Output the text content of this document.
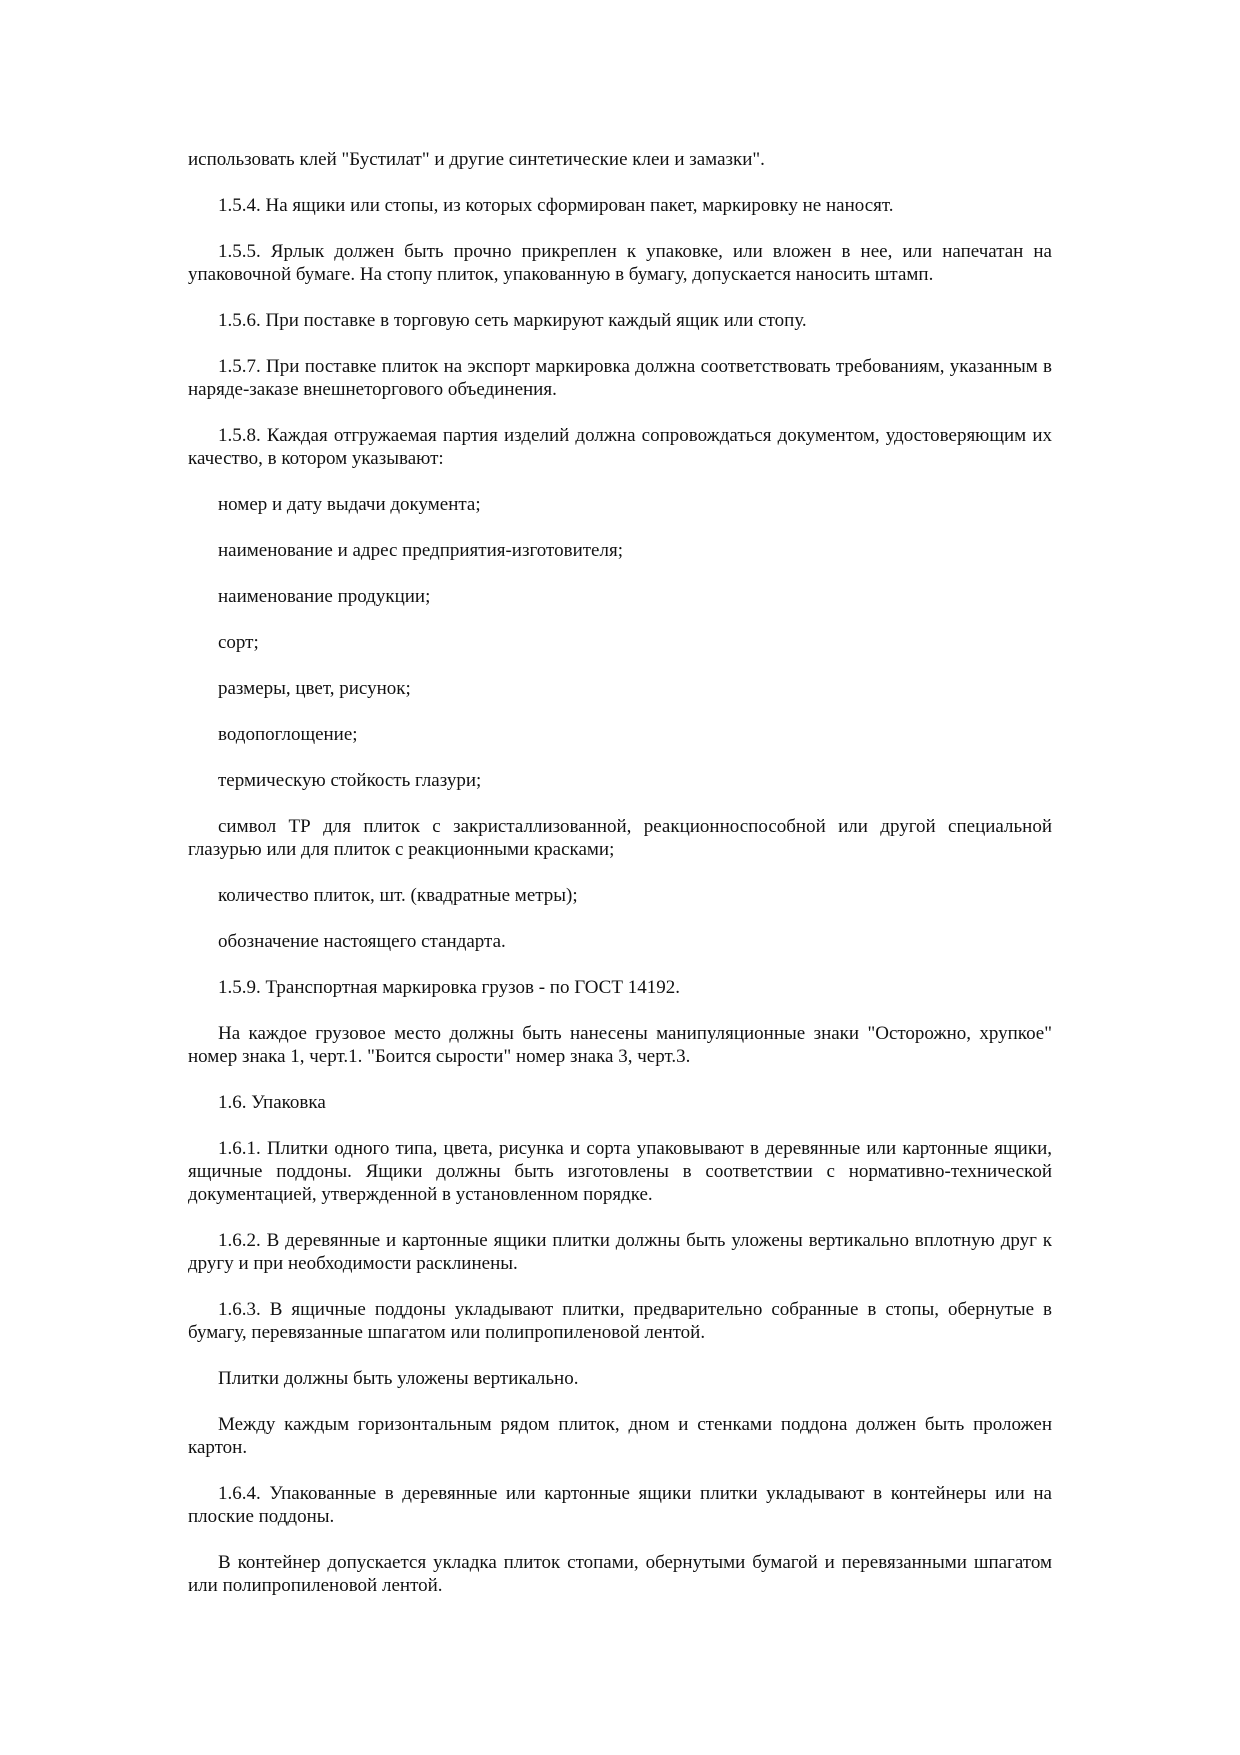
использовать клей "Бустилат" и другие синтетические клеи и замазки".

1.5.4. На ящики или стопы, из которых сформирован пакет, маркировку не наносят.

1.5.5. Ярлык должен быть прочно прикреплен к упаковке, или вложен в нее, или напечатан на упаковочной бумаге. На стопу плиток, упакованную в бумагу, допускается наносить штамп.

1.5.6. При поставке в торговую сеть маркируют каждый ящик или стопу.

1.5.7. При поставке плиток на экспорт маркировка должна соответствовать требованиям, указанным в наряде-заказе внешнеторгового объединения.

1.5.8. Каждая отгружаемая партия изделий должна сопровождаться документом, удостоверяющим их качество, в котором указывают:

номер и дату выдачи документа;

наименование и адрес предприятия-изготовителя;

наименование продукции;

сорт;

размеры, цвет, рисунок;

водопоглощение;

термическую стойкость глазури;

символ ТР для плиток с закристаллизованной, реакционноспособной или другой специальной глазурью или для плиток с реакционными красками;

количество плиток, шт. (квадратные метры);

обозначение настоящего стандарта.

1.5.9. Транспортная маркировка грузов - по ГОСТ 14192.

На каждое грузовое место должны быть нанесены манипуляционные знаки "Осторожно, хрупкое" номер знака 1, черт.1. "Боится сырости" номер знака 3, черт.3.

1.6. Упаковка

1.6.1. Плитки одного типа, цвета, рисунка и сорта упаковывают в деревянные или картонные ящики, ящичные поддоны. Ящики должны быть изготовлены в соответствии с нормативно-технической документацией, утвержденной в установленном порядке.

1.6.2. В деревянные и картонные ящики плитки должны быть уложены вертикально вплотную друг к другу и при необходимости расклинены.

1.6.3. В ящичные поддоны укладывают плитки, предварительно собранные в стопы, обернутые в бумагу, перевязанные шпагатом или полипропиленовой лентой.

Плитки должны быть уложены вертикально.

Между каждым горизонтальным рядом плиток, дном и стенками поддона должен быть проложен картон.

1.6.4. Упакованные в деревянные или картонные ящики плитки укладывают в контейнеры или на плоские поддоны.

В контейнер допускается укладка плиток стопами, обернутыми бумагой и перевязанными шпагатом или полипропиленовой лентой.
